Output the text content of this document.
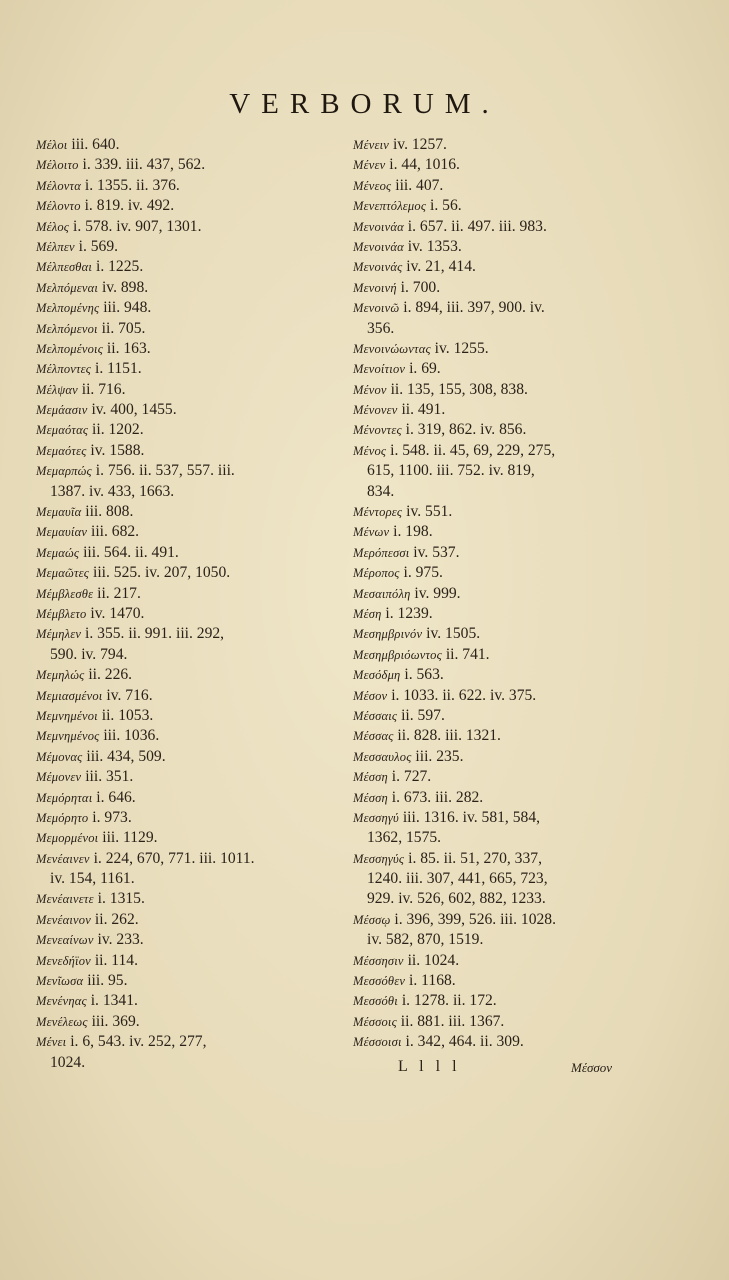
VERBORUM.
Μέλοι iii. 640.
Μέλοιτο i. 339. iii. 437, 562.
Μέλοντα i. 1355. ii. 376.
Μέλοντο i. 819. iv. 492.
Μέλος i. 578. iv. 907, 1301.
Μέλπεν i. 569.
Μέλπεσθαι i. 1225.
Μελπόμεναι iv. 898.
Μελπομένης iii. 948.
Μελπόμενοι ii. 705.
Μελπομένοις ii. 163.
Μέλποντες i. 1151.
Μέλψαν ii. 716.
Μεμάασιν iv. 400, 1455.
Μεμαότας ii. 1202.
Μεμαότες iv. 1588.
Μεμαρπώς i. 756. ii. 537, 557. iii.
1387. iv. 433, 1663.
Μεμαυῖα iii. 808.
Μεμαυίαν iii. 682.
Μεμαώς iii. 564. ii. 491.
Μεμαῶτες iii. 525. iv. 207, 1050.
Μέμβλεσθε ii. 217.
Μέμβλετο iv. 1470.
Μέμηλεν i. 355. ii. 991. iii. 292,
590. iv. 794.
Μεμηλώς ii. 226.
Μεμιασμένοι iv. 716.
Μεμνημένοι ii. 1053.
Μεμνημένος iii. 1036.
Μέμονας iii. 434, 509.
Μέμονεν iii. 351.
Μεμόρηται i. 646.
Μεμόρητο i. 973.
Μεμορμένοι iii. 1129.
Μενέαινεν i. 224, 670, 771. iii. 1011.
iv. 154, 1161.
Μενέαινετε i. 1315.
Μενέαινον ii. 262.
Μενεαίνων iv. 233.
Μενεδήϊον ii. 114.
Μενῖωσα iii. 95.
Μενένηας i. 1341.
Μενέλεως iii. 369.
Μένει i. 6, 543. iv. 252, 277,
1024.
Μένειν iv. 1257.
Μένεν i. 44, 1016.
Μένεος iii. 407.
Μενεπτόλεμος i. 56.
Μενοινάα i. 657. ii. 497. iii. 983.
Μενοινάα iv. 1353.
Μενοινάς iv. 21, 414.
Μενοινή i. 700.
Μενοινῶ i. 894, iii. 397, 900. iv.
356.
Μενοινώωντας iv. 1255.
Μενοίτιον i. 69.
Μένον ii. 135, 155, 308, 838.
Μένονεν ii. 491.
Μένοντες i. 319, 862. iv. 856.
Μένος i. 548. ii. 45, 69, 229, 275,
615, 1100. iii. 752. iv. 819,
834.
Μέντορες iv. 551.
Μένων i. 198.
Μερόπεσσι iv. 537.
Μέροπος i. 975.
Μεσαιπόλη iv. 999.
Μέση i. 1239.
Μεσημβρινόν iv. 1505.
Μεσημβριόωντος ii. 741.
Μεσόδμη i. 563.
Μέσον i. 1033. ii. 622. iv. 375.
Μέσσαις ii. 597.
Μέσσας ii. 828. iii. 1321.
Μεσσαυλος iii. 235.
Μέσση i. 727.
Μέσση i. 673. iii. 282.
Μεσσηγύ iii. 1316. iv. 581, 584,
1362, 1575.
Μεσσηγύς i. 85. ii. 51, 270, 337,
1240. iii. 307, 441, 665, 723,
929. iv. 526, 602, 882, 1233.
Μέσσῳ i. 396, 399, 526. iii. 1028.
iv. 582, 870, 1519.
Μέσσησιν ii. 1024.
Μεσσόθεν i. 1168.
Μεσσόθι i. 1278. ii. 172.
Μέσσοις ii. 881. iii. 1367.
Μέσσοισι i. 342, 464. ii. 309.
L l l l	Μέσσον
